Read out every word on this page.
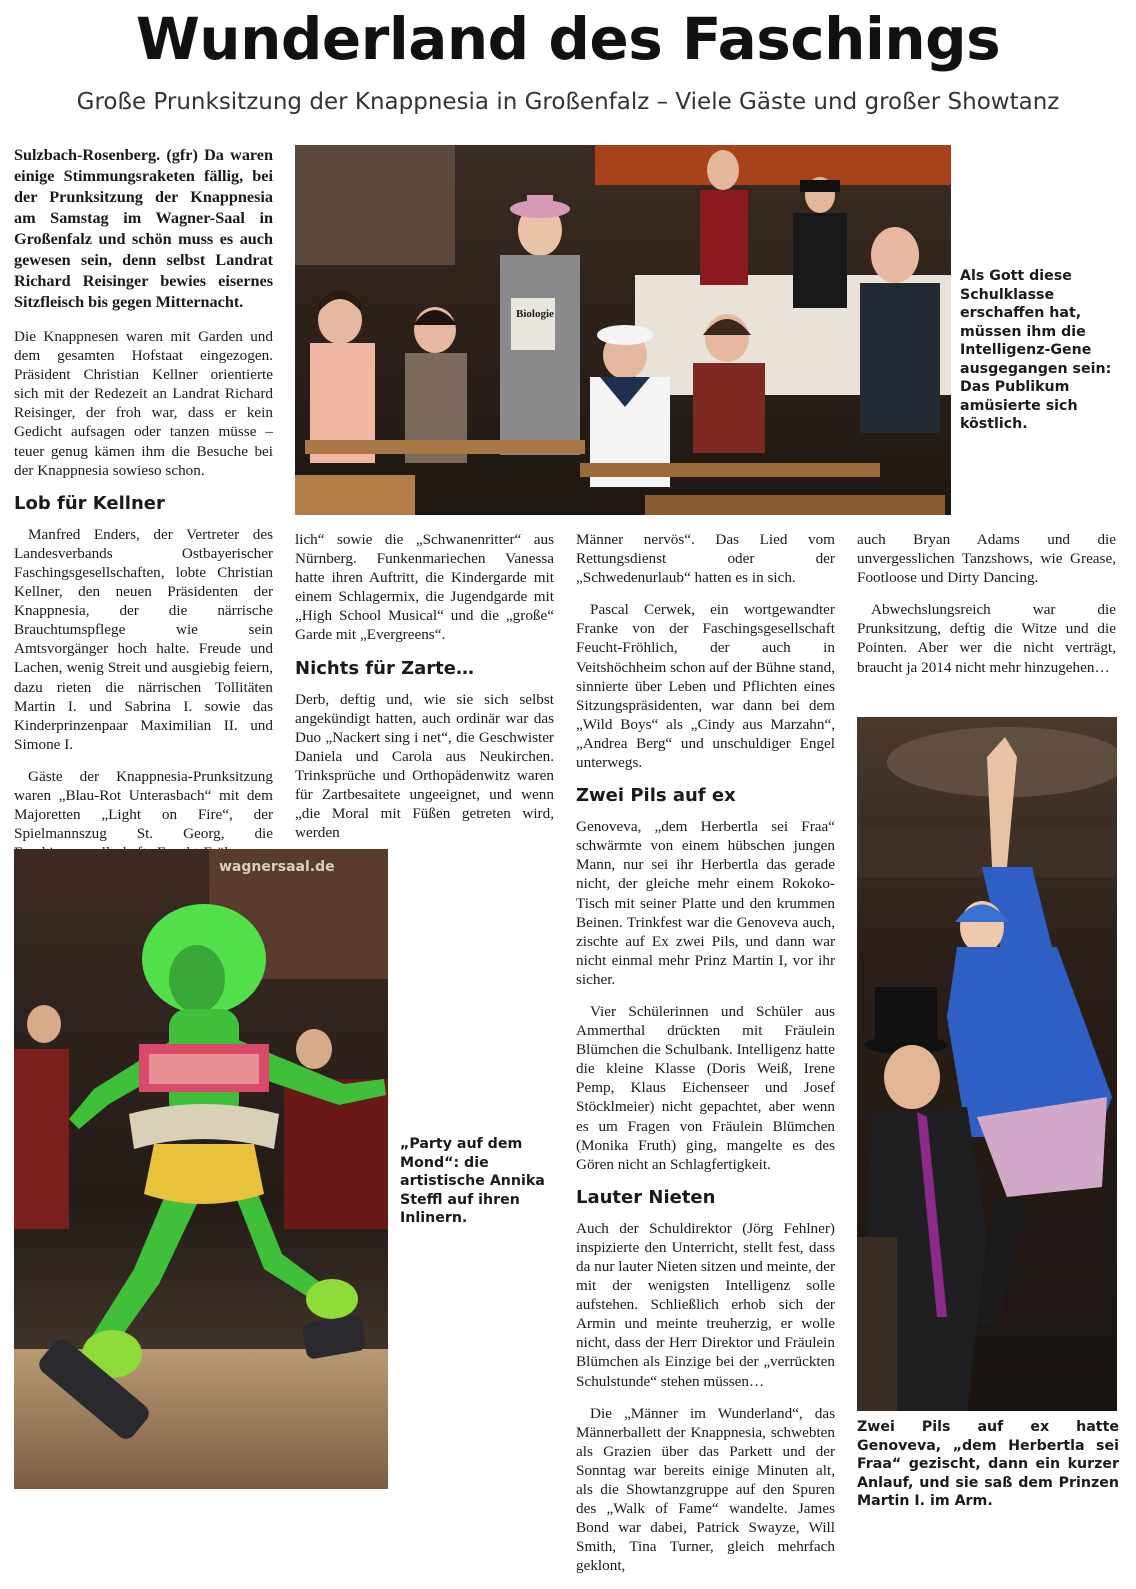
Wunderland des Faschings
Große Prunksitzung der Knappnesia in Großenfalz – Viele Gäste und großer Showtanz

Sulzbach-Rosenberg. (gfr) Da waren einige Stimmungsraketen fällig, bei der Prunksitzung der Knappnesia am Samstag im Wagner-Saal in Großenfalz und schön muss es auch gewesen sein, denn selbst Landrat Richard Reisinger bewies eisernes Sitzfleisch bis gegen Mitternacht.

Die Knappnesen waren mit Garden und dem gesamten Hofstaat eingezogen. Präsident Christian Kellner orientierte sich mit der Redezeit an Landrat Richard Reisinger, der froh war, dass er kein Gedicht aufsagen oder tanzen müsse – teuer genug kämen ihm die Besuche bei der Knappnesia sowieso schon.

Lob für Kellner

Manfred Enders, der Vertreter des Landesverbands Ostbayerischer Faschingsgesellschaften, lobte Christian Kellner, den neuen Präsidenten der Knappnesia, der die närrische Brauchtumspflege wie sein Amtsvorgänger hoch halte. Freude und Lachen, wenig Streit und ausgiebig feiern, dazu rieten die närrischen Tollitäten Martin I. und Sabrina I. sowie das Kinderprinzenpaar Maximilian II. und Simone I.

Gäste der Knappnesia-Prunksitzung waren „Blau-Rot Unterasbach“ mit dem Majoretten „Light on Fire“, der Spielmannszug St. Georg, die

lich“ sowie die „Schwanenritter“ aus Nürnberg. Funkenmariechen Vanessa hatte ihren Auftritt, die Kindergarde mit einem Schlagermix, die Jugendgarde mit „High School Musical“ und die „große“ Garde mit „Evergreens“.

Nichts für Zarte…

Derb, deftig und, wie sie sich selbst angekündigt hatten, auch ordinär war das Duo „Nackert sing i net“, die Geschwister Daniela und Carola aus Neukirchen. Trinksprüche und Orthopädenwitz waren für Zartbesaitete ungeeignet, und wenn „die Moral mit Füßen getreten wird, werden

Männer nervös“. Das Lied vom Rettungsdienst oder der „Schwedenurlaub“ hatten es in sich.

Pascal Cerwek, ein wortgewandter Franke von der Faschingsgesellschaft Feucht-Fröhlich, der auch in Veitshöchheim schon auf der Bühne stand, sinnierte über Leben und Pflichten eines Sitzungspräsidenten, war dann bei dem „Wild Boys“ als „Cindy aus Marzahn“, „Andrea Berg“ und unschuldiger Engel unterwegs.

Zwei Pils auf ex

Genoveva, „dem Herbertla sei Fraa“ schwärmte von einem hübschen jungen Mann, nur sei ihr Herbertla das gerade nicht, der gleiche mehr einem Rokoko-Tisch mit seiner Platte und den krummen Beinen. Trinkfest war die Genoveva auch, zischte auf Ex zwei Pils, und dann war nicht einmal mehr Prinz Martin I, vor ihr sicher.

Vier Schülerinnen und Schüler aus Ammerthal drückten mit Fräulein Blümchen die Schulbank. Intelligenz hatte die kleine Klasse (Doris Weiß, Irene Pemp, Klaus Eichenseer und Josef Stöcklmeier) nicht gepachtet, aber wenn es um Fragen von Fräulein Blümchen (Monika Fruth) ging, mangelte es des Gören nicht an Schlagfertigkeit.

Lauter Nieten

Auch der Schuldirektor (Jörg Fehlner) inspizierte den Unterricht, stellt fest, dass da nur lauter Nieten sitzen und meinte, der mit der wenigsten Intelligenz solle aufstehen. Schließlich erhob sich der Armin und meinte treuherzig, er wolle nicht, dass der Herr Direktor und Fräulein Blümchen als Einzige bei der „verrückten Schulstunde“ stehen müssen…

Die „Männer im Wunderland“, das Männerballett der Knappnesia, schwebten als Grazien über das Parkett und der Sonntag war bereits einige Minuten alt, als die Showtanzgruppe auf den Spuren des „Walk of Fame“ wandelte. James Bond war dabei, Patrick Swayze, Will Smith, Tina Turner, gleich mehrfach geklont,

auch Bryan Adams und die unvergesslichen Tanzshows, wie Grease, Footloose und Dirty Dancing.

Abwechslungsreich war die Prunksitzung, deftig die Witze und die Pointen. Aber wer die nicht verträgt, braucht ja 2014 nicht mehr hinzugehen…

Biologie
Als Gott diese Schulklasse erschaffen hat, müssen ihm die Intelligenz-Gene ausgegangen sein: Das Publikum amüsierte sich köstlich.
wagnersaal.de
„Party auf dem Mond“: die artistische Annika Steffl auf ihren Inlinern.
Zwei Pils auf ex hatte Genoveva, „dem Herbertla sei Fraa“ gezischt, dann ein kurzer Anlauf, und sie saß dem Prinzen Martin I. im Arm.
